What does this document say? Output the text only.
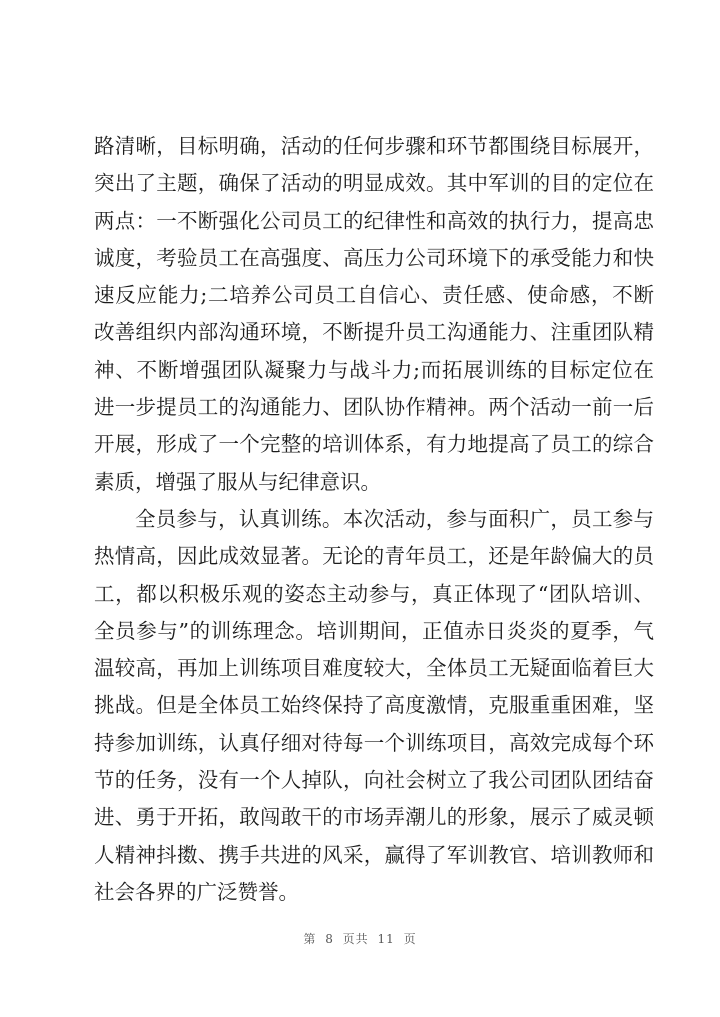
路清晰，目标明确，活动的任何步骤和环节都围绕目标展开，突出了主题，确保了活动的明显成效。其中军训的目的定位在两点：一不断强化公司员工的纪律性和高效的执行力，提高忠诚度，考验员工在高强度、高压力公司环境下的承受能力和快速反应能力;二培养公司员工自信心、责任感、使命感，不断改善组织内部沟通环境，不断提升员工沟通能力、注重团队精神、不断增强团队凝聚力与战斗力;而拓展训练的目标定位在进一步提员工的沟通能力、团队协作精神。两个活动一前一后开展，形成了一个完整的培训体系，有力地提高了员工的综合素质，增强了服从与纪律意识。

全员参与，认真训练。本次活动，参与面积广，员工参与热情高，因此成效显著。无论的青年员工，还是年龄偏大的员工，都以积极乐观的姿态主动参与，真正体现了“团队培训、全员参与”的训练理念。培训期间，正值赤日炎炎的夏季，气温较高，再加上训练项目难度较大，全体员工无疑面临着巨大挑战。但是全体员工始终保持了高度激情，克服重重困难，坚持参加训练，认真仔细对待每一个训练项目，高效完成每个环节的任务，没有一个人掉队，向社会树立了我公司团队团结奋进、勇于开拓，敢闯敢干的市场弄潮儿的形象，展示了威灵顿人精神抖擞、携手共进的风采，赢得了军训教官、培训教师和社会各界的广泛赞誉。

第 8 页共 11 页
